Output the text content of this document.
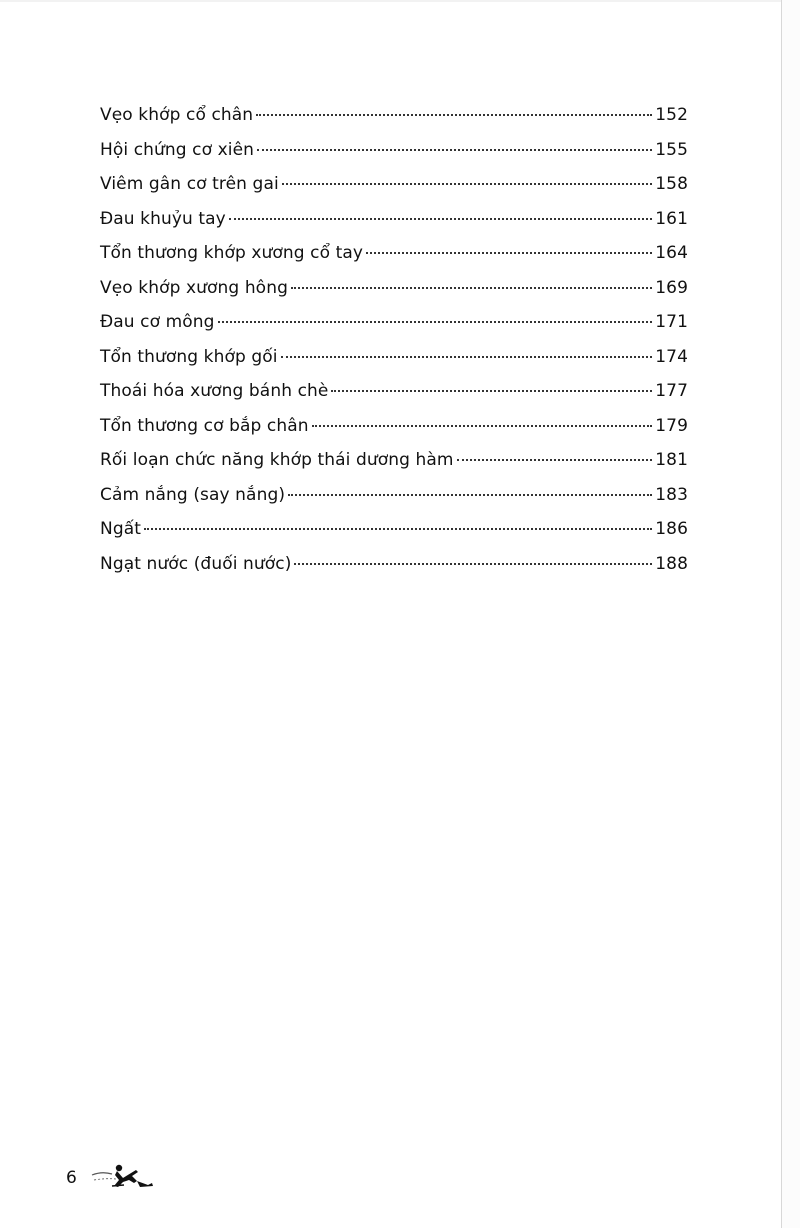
Vẹo khớp cổ chân	152
Hội chứng cơ xiên	155
Viêm gân cơ trên gai	158
Đau khuỷu tay	161
Tổn thương khớp xương cổ tay	164
Vẹo khớp xương hông	169
Đau cơ mông	171
Tổn thương khớp gối	174
Thoái hóa xương bánh chè	177
Tổn thương cơ bắp chân	179
Rối loạn chức năng khớp thái dương hàm	181
Cảm nắng (say nắng)	183
Ngất	186
Ngạt nước (đuối nước)	188
6
